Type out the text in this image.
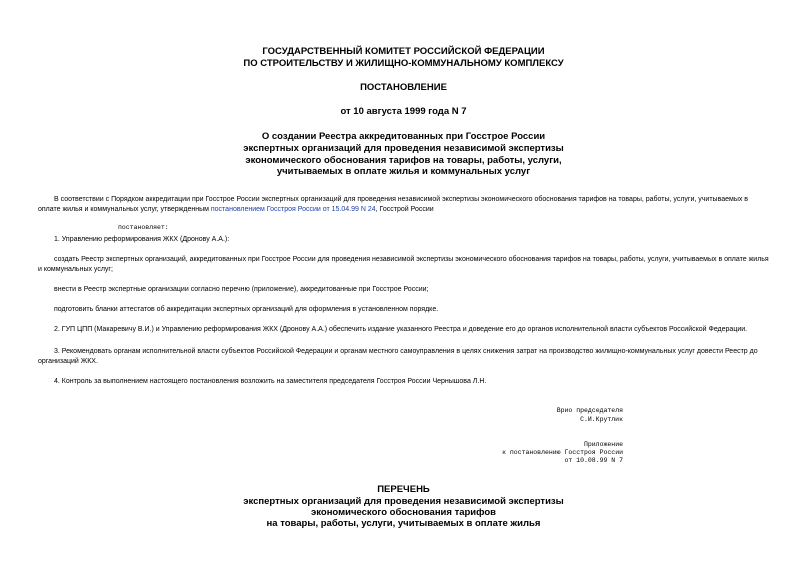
ГОСУДАРСТВЕННЫЙ КОМИТЕТ РОССИЙСКОЙ ФЕДЕРАЦИИ
ПО СТРОИТЕЛЬСТВУ И ЖИЛИЩНО-КОММУНАЛЬНОМУ КОМПЛЕКСУ
ПОСТАНОВЛЕНИЕ
от 10 августа 1999 года N 7
О создании Реестра аккредитованных при Госстрое России
экспертных организаций для проведения независимой экспертизы
экономического обоснования тарифов на товары, работы, услуги,
учитываемых в оплате жилья и коммунальных услуг
В соответствии с Порядком аккредитации при Госстрое России экспертных организаций для проведения независимой экспертизы экономического обоснования тарифов на товары, работы, услуги, учитываемых в оплате жилья и коммунальных услуг, утвержденным постановлением Госстроя России от 15.04.99 N 24, Госстрой России
постановляет:
1. Управлению реформирования ЖКХ (Дронову А.А.):
создать Реестр экспертных организаций, аккредитованных при Госстрое России для проведения независимой экспертизы экономического обоснования тарифов на товары, работы, услуги, учитываемых в оплате жилья и коммунальных услуг;
внести в Реестр экспертные организации согласно перечню (приложение), аккредитованные при Госстрое России;
подготовить бланки аттестатов об аккредитации экспертных организаций для оформления в установленном порядке.
2. ГУП ЦПП (Макаревичу В.И.) и Управлению реформирования ЖКХ (Дронову А.А.) обеспечить издание указанного Реестра и доведение его до органов исполнительной власти субъектов Российской Федерации.
3. Рекомендовать органам исполнительной власти субъектов Российской Федерации и органам местного самоуправления в целях снижения затрат на производство жилищно-коммунальных услуг довести Реестр до организаций ЖКХ.
4. Контроль за выполнением настоящего постановления возложить на заместителя председателя Госстроя России Чернышова Л.Н.
Врио председателя
С.И.Крутлик
Приложение
к постановлению Госстроя России
от 10.08.99 N 7
ПЕРЕЧЕНЬ
экспертных организаций для проведения независимой экспертизы
экономического обоснования тарифов
на товары, работы, услуги, учитываемых в оплате жилья
